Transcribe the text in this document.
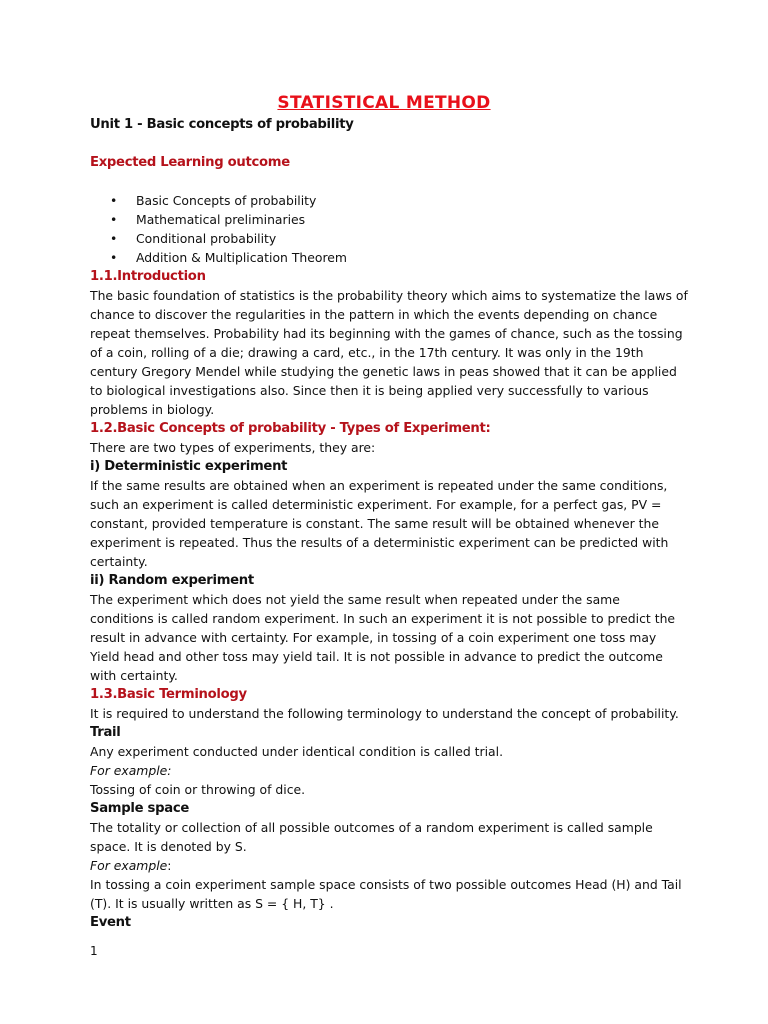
STATISTICAL METHOD
Unit 1 - Basic concepts of probability
Expected Learning outcome
• Basic Concepts of probability
• Mathematical preliminaries
• Conditional probability
• Addition & Multiplication Theorem
1.1.Introduction

The basic foundation of statistics is the probability theory which aims to systematize the laws of

chance to discover the regularities in the pattern in which the events depending on chance

repeat themselves. Probability had its beginning with the games of chance, such as the tossing

of a coin, rolling of a die; drawing a card, etc., in the 17th century. It was only in the 19th

century Gregory Mendel while studying the genetic laws in peas showed that it can be applied

to biological investigations also. Since then it is being applied very successfully to various

problems in biology.

1.2.Basic Concepts of probability - Types of Experiment:

There are two types of experiments, they are:

i) Deterministic experiment

If the same results are obtained when an experiment is repeated under the same conditions,

such an experiment is called deterministic experiment. For example, for a perfect gas, PV =

constant, provided temperature is constant. The same result will be obtained whenever the

experiment is repeated. Thus the results of a deterministic experiment can be predicted with

certainty.

ii) Random experiment

The experiment which does not yield the same result when repeated under the same

conditions is called random experiment. In such an experiment it is not possible to predict the

result in advance with certainty. For example, in tossing of a coin experiment one toss may

Yield head and other toss may yield tail. It is not possible in advance to predict the outcome

with certainty.

1.3.Basic Terminology

It is required to understand the following terminology to understand the concept of probability.

Trail

Any experiment conducted under identical condition is called trial.

For example:

Tossing of coin or throwing of dice.

Sample space

The totality or collection of all possible outcomes of a random experiment is called sample

space. It is denoted by S.

For example:

In tossing a coin experiment sample space consists of two possible outcomes Head (H) and Tail

(T). It is usually written as S = { H, T} .

Event
1
